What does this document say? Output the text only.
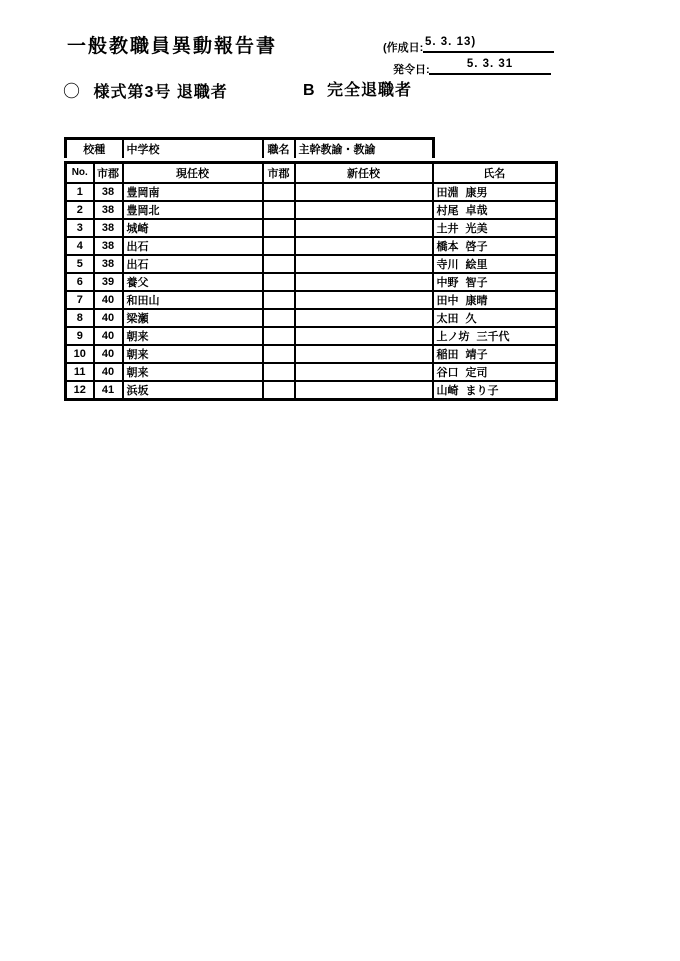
一般教職員異動報告書	(作成日: 5. 3. 13)
発令日:	5. 3. 31
〇 様式第3号 退職者	B 完全退職者
校種	中学校	職名	主幹教諭・教諭
No.	市郡	現任校	市郡	新任校	氏名
1	38	豊岡南			田淵 康男
2	38	豊岡北			村尾 卓哉
3	38	城崎			土井 光美
4	38	出石			橋本 啓子
5	38	出石			寺川 絵里
6	39	養父			中野 智子
7	40	和田山			田中 康晴
8	40	梁瀬			太田 久
9	40	朝来			上ノ坊 三千代
10	40	朝来			稲田 靖子
11	40	朝来			谷口 定司
12	41	浜坂			山崎 まり子
